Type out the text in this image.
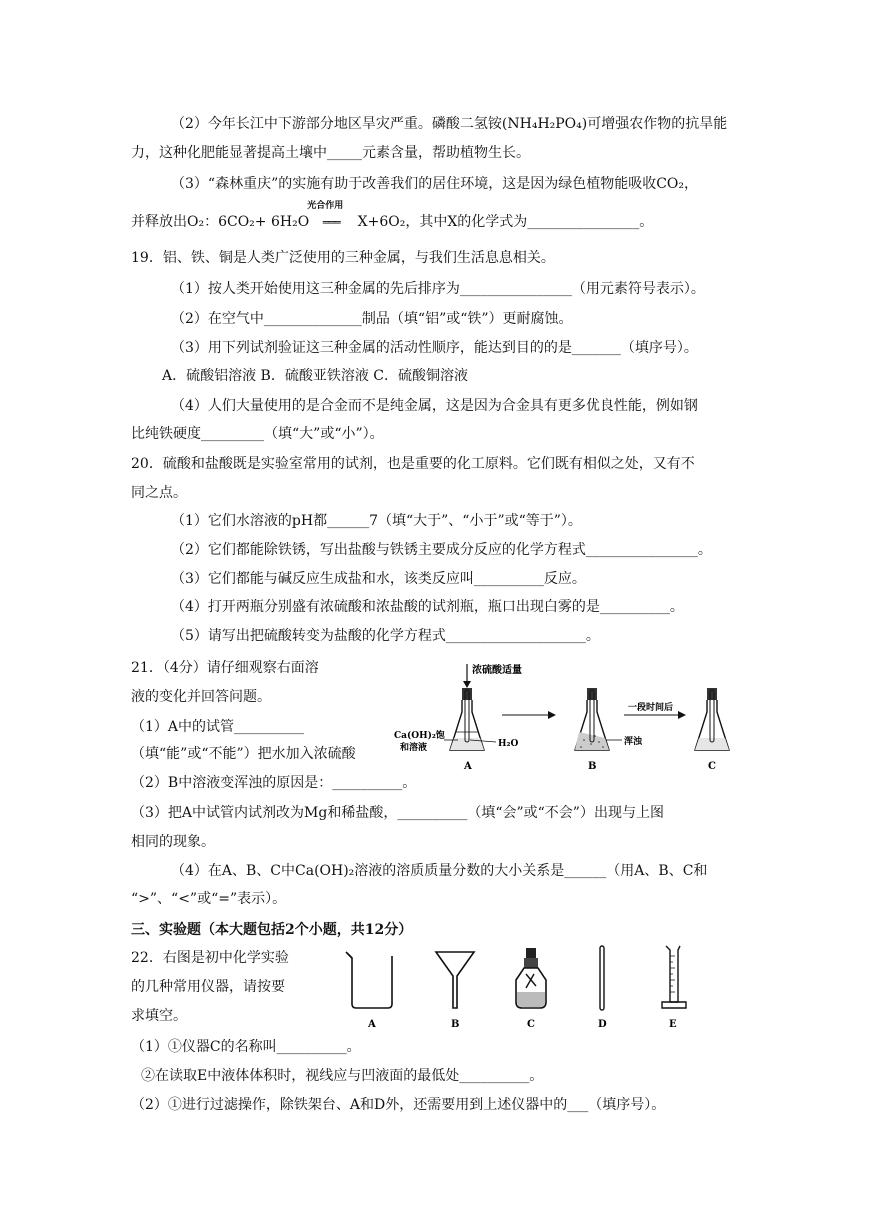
（2）今年长江中下游部分地区旱灾严重。磷酸二氢铵(NH₄H₂PO₄)可增强农作物的抗旱能
力，这种化肥能显著提高土壤中_____元素含量，帮助植物生长。
（3）“森林重庆”的实施有助于改善我们的居住环境，这是因为绿色植物能吸收CO₂，
并释放出O₂：6CO₂+ 6H₂O
光合作用
═══ X+6O₂，其中X的化学式为________________。
19．铝、铁、铜是人类广泛使用的三种金属，与我们生活息息相关。
（1）按人类开始使用这三种金属的先后排序为________________（用元素符号表示）。
（2）在空气中______________制品（填“铝”或“铁”）更耐腐蚀。
（3）用下列试剂验证这三种金属的活动性顺序，能达到目的的是_______（填序号）。
A．硫酸铝溶液 B．硫酸亚铁溶液 C．硫酸铜溶液
（4）人们大量使用的是合金而不是纯金属，这是因为合金具有更多优良性能，例如钢
比纯铁硬度_________（填“大”或“小”）。
20．硫酸和盐酸既是实验室常用的试剂，也是重要的化工原料。它们既有相似之处，又有不
同之点。
（1）它们水溶液的pH都______7（填“大于”、“小于”或“等于”）。
（2）它们都能除铁锈，写出盐酸与铁锈主要成分反应的化学方程式________________。
（3）它们都能与碱反应生成盐和水，该类反应叫__________反应。
（4）打开两瓶分别盛有浓硫酸和浓盐酸的试剂瓶，瓶口出现白雾的是__________。
（5）请写出把硫酸转变为盐酸的化学方程式____________________。
21．（4分）请仔细观察右面溶
液的变化并回答问题。
（1）A中的试管__________
（填“能”或“不能”）把水加入浓硫酸
（2）B中溶液变浑浊的原因是：__________。
（3）把A中试管内试剂改为Mg和稀盐酸，__________（填“会”或“不会”）出现与上图
相同的现象。
（4）在A、B、C中Ca(OH)₂溶液的溶质质量分数的大小关系是______（用A、B、C和
“>”、“<”或“=”表示）。
浓硫酸适量
Ca(OH)₂饱
和溶液	H₂O
A
浑浊
B
一段时间后
C
三、实验题（本大题包括2个小题，共12分）
22．右图是初中化学实验
的几种常用仪器，请按要
求填空。
A	B	C	D	E
（1）①仪器C的名称叫__________。
②在读取E中液体体积时，视线应与凹液面的最低处__________。
（2）①进行过滤操作，除铁架台、A和D外，还需要用到上述仪器中的___（填序号）。
